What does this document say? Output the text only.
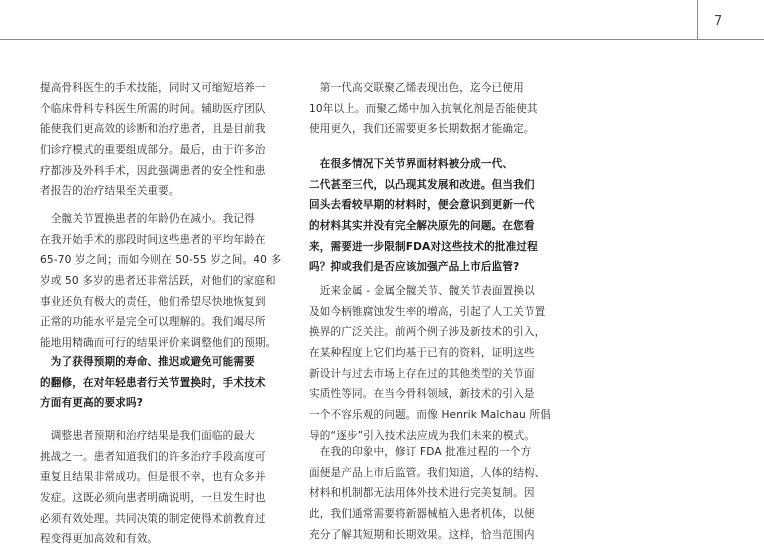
7
提高骨科医生的手术技能，同时又可缩短培养一
个临床骨科专科医生所需的时间。辅助医疗团队
能使我们更高效的诊断和治疗患者，且是目前我
们诊疗模式的重要组成部分。最后，由于许多治
疗都涉及外科手术，因此强调患者的安全性和患
者报告的治疗结果至关重要。
　全髋关节置换患者的年龄仍在减小。我记得
在我开始手术的那段时间这些患者的平均年龄在
65-70 岁之间；而如今则在 50-55 岁之间。40 多
岁或 50 多岁的患者还非常活跃，对他们的家庭和
事业还负有极大的责任，他们希望尽快地恢复到
正常的功能水平是完全可以理解的。我们竭尽所
能地用精确而可行的结果评价来调整他们的预期。
　为了获得预期的寿命、推迟或避免可能需要
的翻修，在对年轻患者行关节置换时，手术技术
方面有更高的要求吗?
　调整患者预期和治疗结果是我们面临的最大
挑战之一。患者知道我们的许多治疗手段高度可
重复且结果非常成功。但是很不幸，也有众多并
发症。这既必须向患者明确说明，一旦发生时也
必须有效处理。共同决策的制定使得术前教育过
程变得更加高效和有效。
　第一代高交联聚乙烯表现出色，迄今已使用
10年以上。而聚乙烯中加入抗氧化剂是否能使其
使用更久，我们还需要更多长期数据才能确定。
　在很多情况下关节界面材料被分成一代、
二代甚至三代，以凸现其发展和改进。但当我们
回头去看较早期的材料时，便会意识到更新一代
的材料其实并没有完全解决原先的问题。在您看
来，需要进一步限制FDA对这些技术的批准过程
吗？抑或我们是否应该加强产品上市后监管?
　近来金属 - 金属全髋关节、髋关节表面置换以
及如今柄锥腐蚀发生率的增高，引起了人工关节置
换界的广泛关注。前两个例子涉及新技术的引入，
在某种程度上它们均基于已有的资料，证明这些
新设计与过去市场上存在过的其他类型的关节面
实质性等同。在当今骨科领域，新技术的引入是
一个不容乐观的问题。而像 Henrik Malchau 所倡
导的“逐步”引入技术法应成为我们未来的模式。
　在我的印象中，修订 FDA 批准过程的一个方
面便是产品上市后监管。我们知道，人体的结构、
材料和机制都无法用体外技术进行完美复制。因
此，我们通常需要将新器械植入患者机体，以便
充分了解其短期和长期效果。这样，恰当范围内
